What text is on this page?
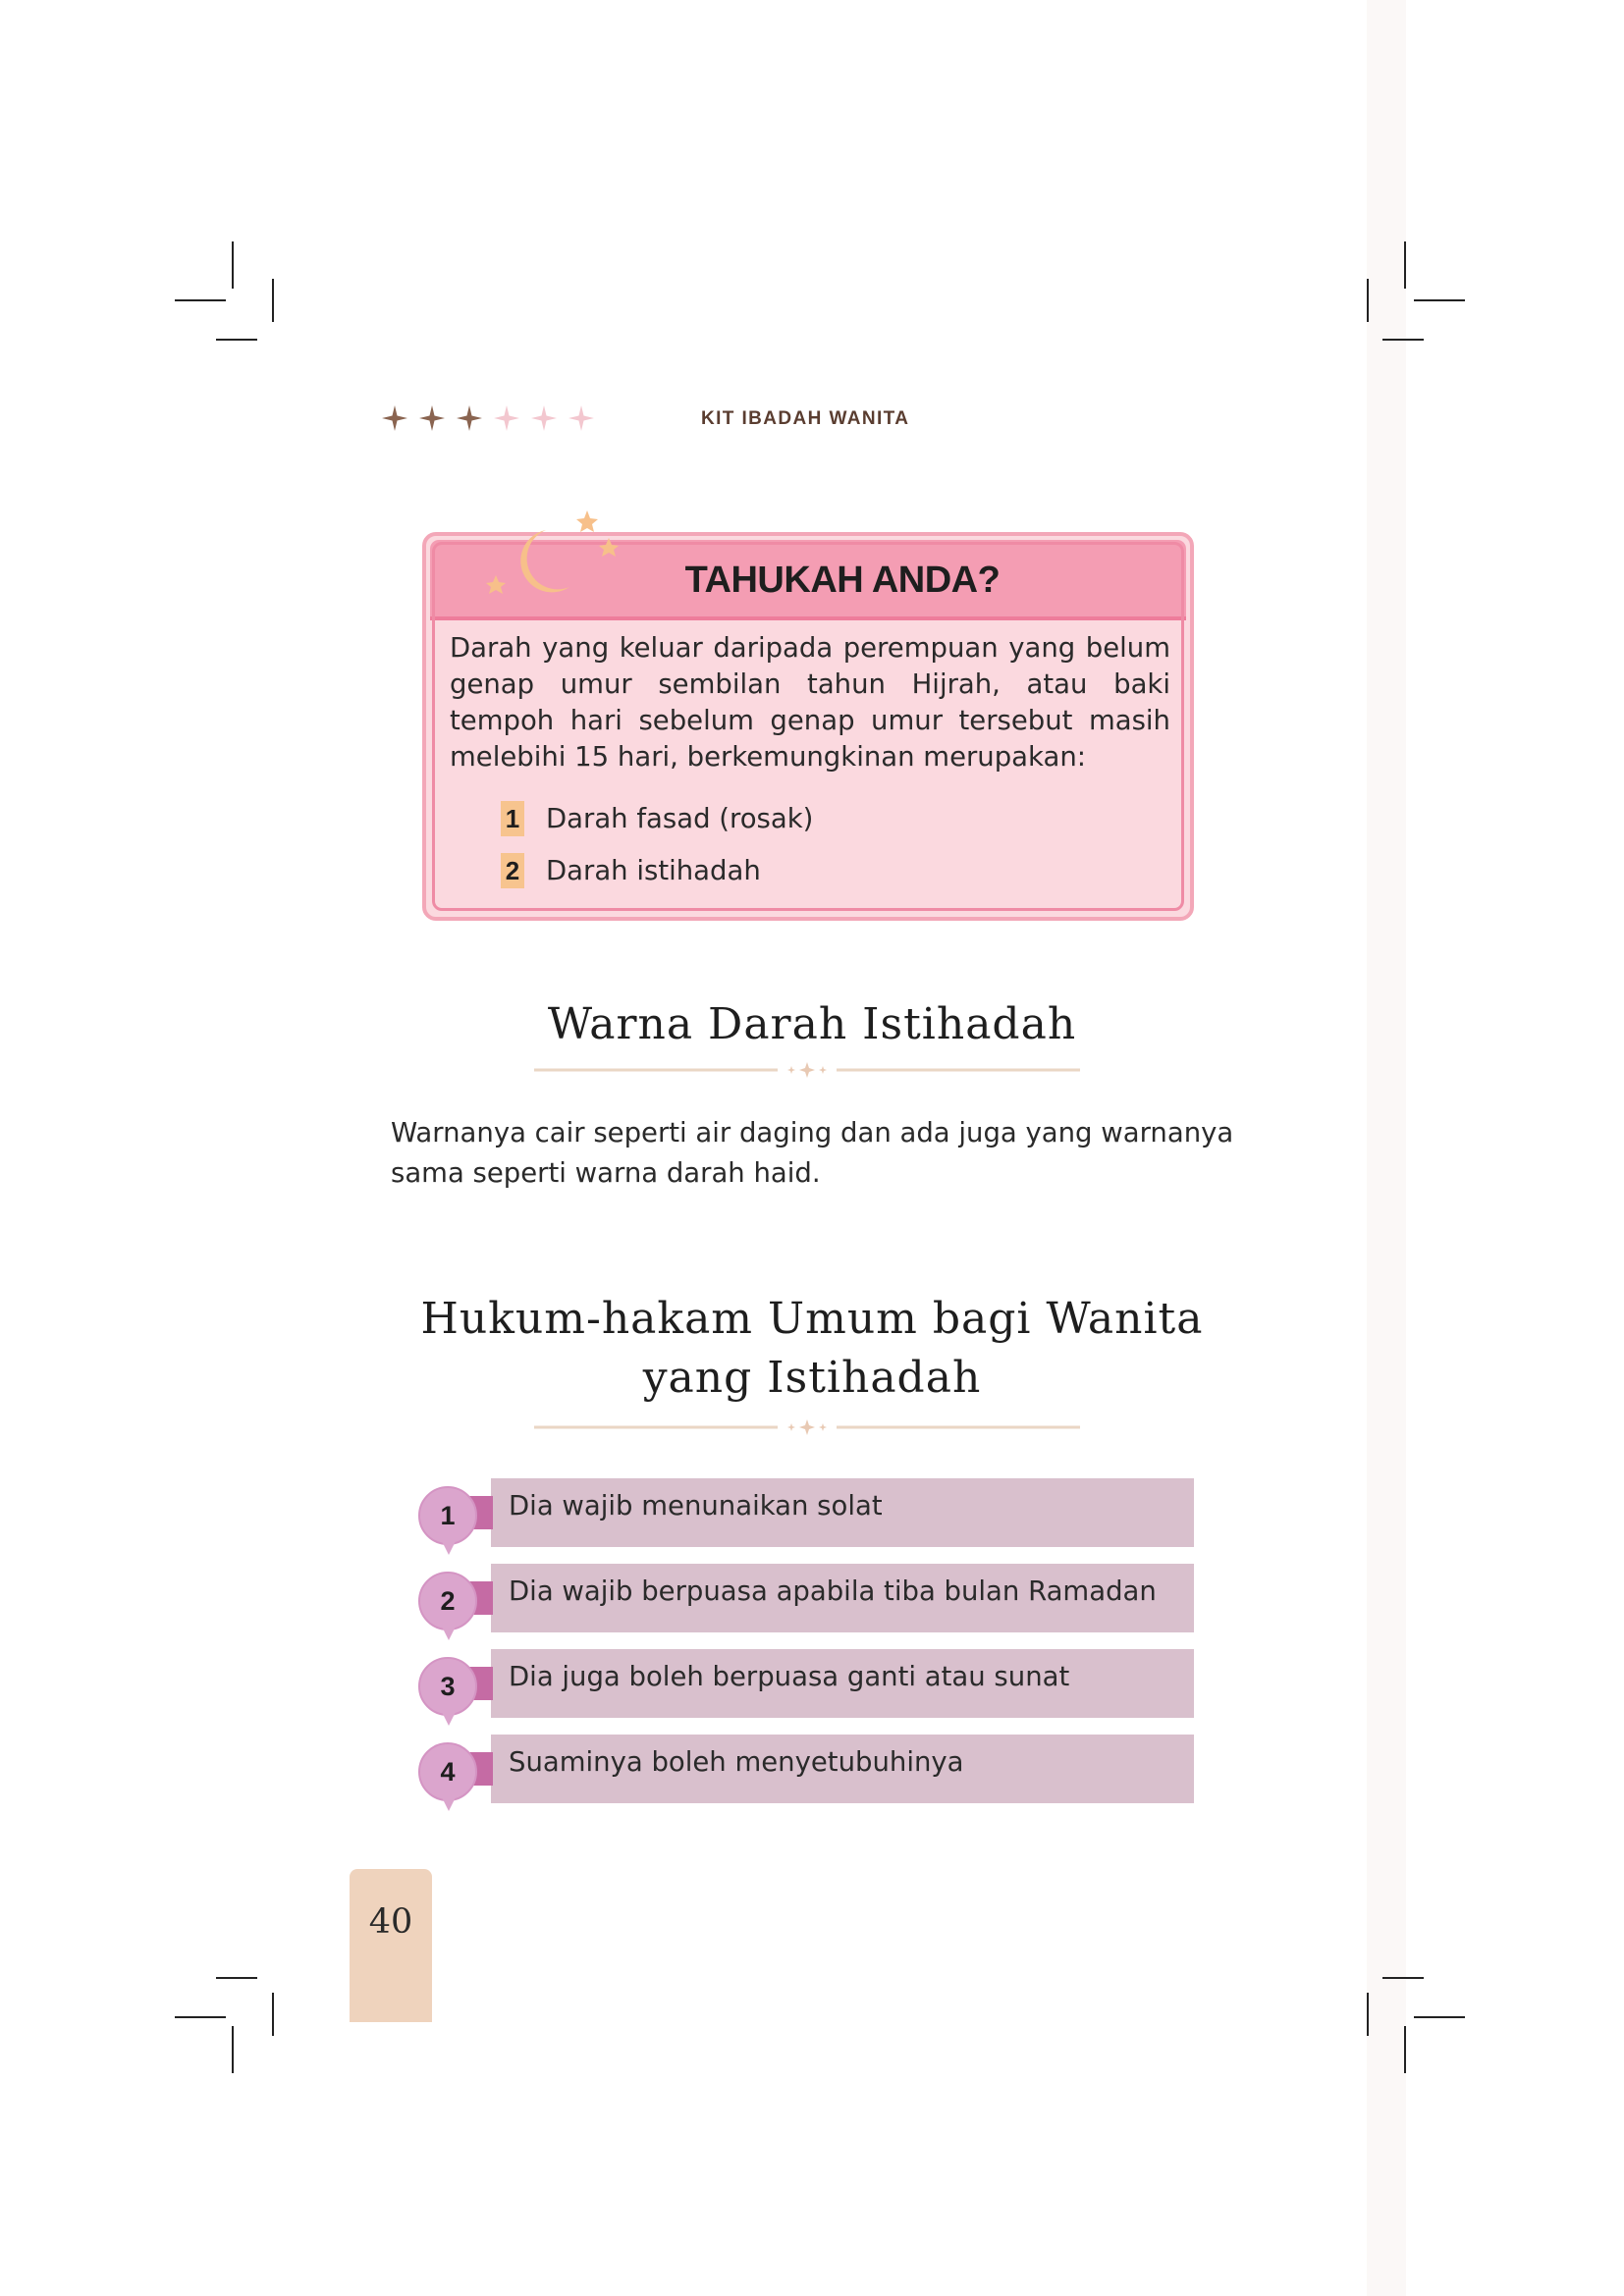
KIT IBADAH WANITA
TAHUKAH ANDA?
Darah yang keluar daripada perempuan yang belum genap umur sembilan tahun Hijrah, atau baki tempoh hari sebelum genap umur tersebut masih melebihi 15 hari, berkemungkinan merupakan:
1 Darah fasad (rosak)
2 Darah istihadah
Warna Darah Istihadah
Warnanya cair seperti air daging dan ada juga yang warnanya sama seperti warna darah haid.
Hukum-hakam Umum bagi Wanita
yang Istihadah
1	Dia wajib menunaikan solat
2	Dia wajib berpuasa apabila tiba bulan Ramadan
3	Dia juga boleh berpuasa ganti atau sunat
4	Suaminya boleh menyetubuhinya
40
